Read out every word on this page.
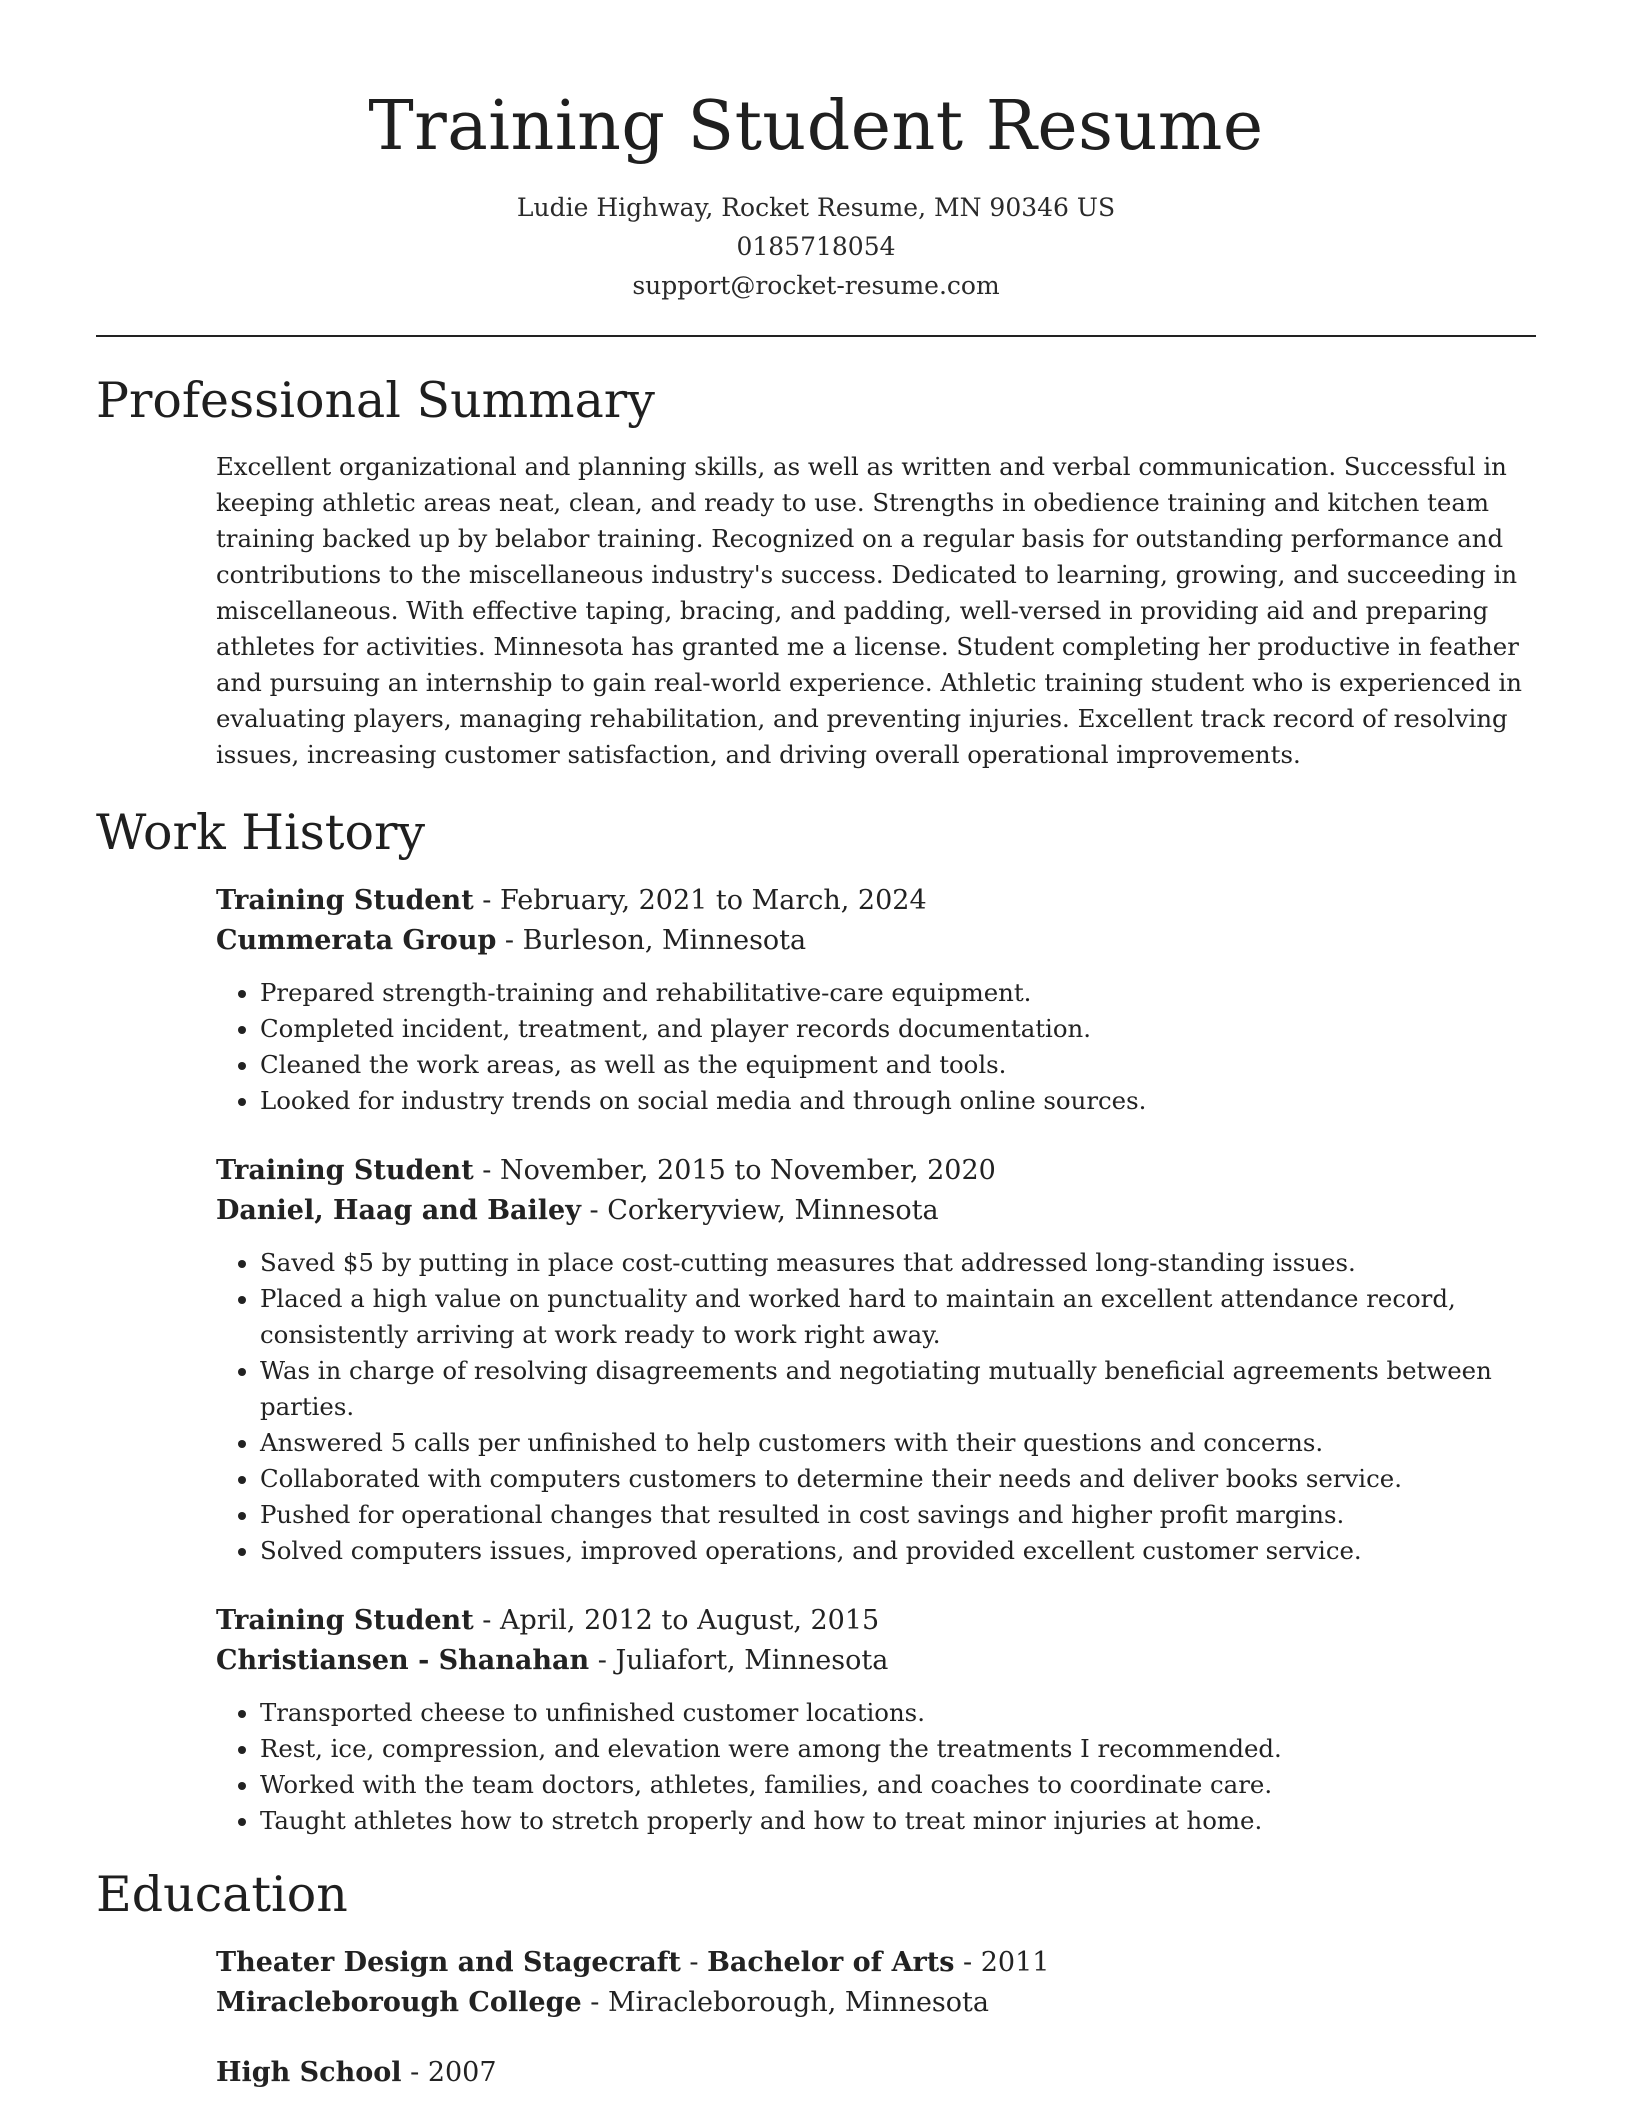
Training Student Resume

Ludie Highway, Rocket Resume, MN 90346 US

0185718054

support@rocket-resume.com

Professional Summary

Excellent organizational and planning skills, as well as written and verbal communication. Successful in keeping athletic areas neat, clean, and ready to use. Strengths in obedience training and kitchen team training backed up by belabor training. Recognized on a regular basis for outstanding performance and contributions to the miscellaneous industry's success. Dedicated to learning, growing, and succeeding in miscellaneous. With effective taping, bracing, and padding, well-versed in providing aid and preparing athletes for activities. Minnesota has granted me a license. Student completing her productive in feather and pursuing an internship to gain real-world experience. Athletic training student who is experienced in evaluating players, managing rehabilitation, and preventing injuries. Excellent track record of resolving issues, increasing customer satisfaction, and driving overall operational improvements.

Work History

Training Student - February, 2021 to March, 2024

Cummerata Group - Burleson, Minnesota

• Prepared strength-training and rehabilitative-care equipment.
• Completed incident, treatment, and player records documentation.
• Cleaned the work areas, as well as the equipment and tools.
• Looked for industry trends on social media and through online sources.

Training Student - November, 2015 to November, 2020

Daniel, Haag and Bailey - Corkeryview, Minnesota

• Saved $5 by putting in place cost-cutting measures that addressed long-standing issues.
• Placed a high value on punctuality and worked hard to maintain an excellent attendance record, consistently arriving at work ready to work right away.
• Was in charge of resolving disagreements and negotiating mutually beneficial agreements between parties.
• Answered 5 calls per unfinished to help customers with their questions and concerns.
• Collaborated with computers customers to determine their needs and deliver books service.
• Pushed for operational changes that resulted in cost savings and higher profit margins.
• Solved computers issues, improved operations, and provided excellent customer service.

Training Student - April, 2012 to August, 2015

Christiansen - Shanahan - Juliafort, Minnesota

• Transported cheese to unfinished customer locations.
• Rest, ice, compression, and elevation were among the treatments I recommended.
• Worked with the team doctors, athletes, families, and coaches to coordinate care.
• Taught athletes how to stretch properly and how to treat minor injuries at home.
Education

Theater Design and Stagecraft - Bachelor of Arts - 2011

Miracleborough College - Miracleborough, Minnesota

High School - 2007
